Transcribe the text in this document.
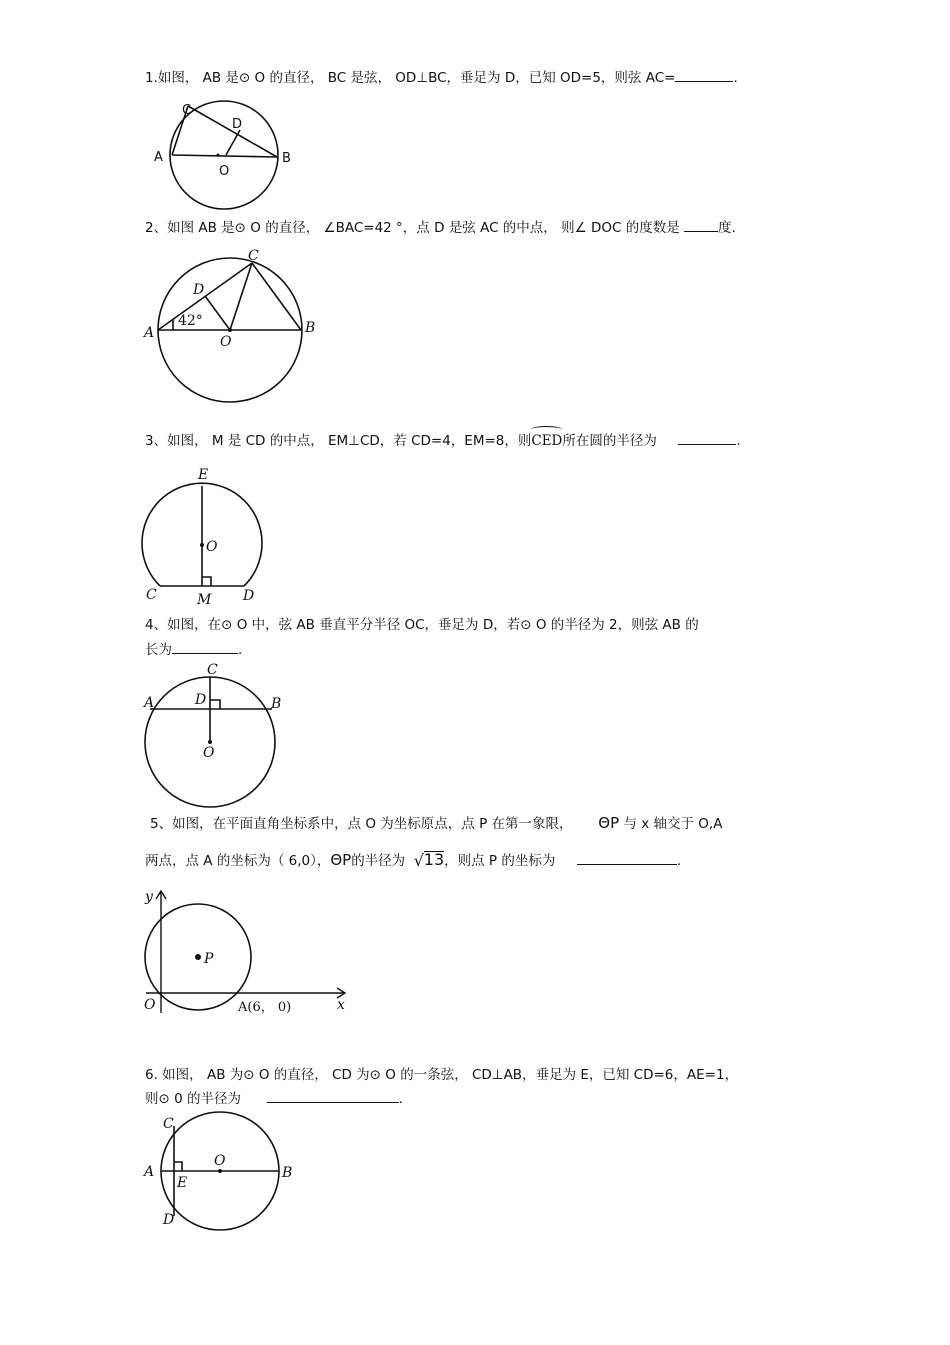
1.如图， AB 是⊙ O 的直径， BC 是弦， OD⊥BC，垂足为 D，已知 OD=5，则弦 AC=	.
C
D
A	B
O
2、如图 AB 是⊙ O 的直径， ∠BAC=42 °，点 D 是弦 AC 的中点， 则∠ DOC 的度数是	度.
C
D
42°
A
O
B
3、如图， M 是 CD 的中点， EM⊥CD，若 CD=4，EM=8，则
CED所在圆的半径为	.
E
O
C	M D
4、如图，在⊙ O 中，弦 AB 垂直平分半径 OC，垂足为 D，若⊙ O 的半径为 2，则弦 AB 的
长为	.
C
D
A	B
O
5、如图，在平面直角坐标系中，点 O 为坐标原点，点 P 在第一象限， ΘP 与 x 轴交于 O,A
两点，点 A 的坐标为（ 6,0），ΘP的半径为 √ 13，则点 P 的坐标为	.
y
P
O	A(6， 0)	x
6. 如图， AB 为⊙ O 的直径， CD 为⊙ O 的一条弦， CD⊥AB，垂足为 E，已知 CD=6，AE=1，
则⊙ 0 的半径为	.
C
O
A
E
B
D
